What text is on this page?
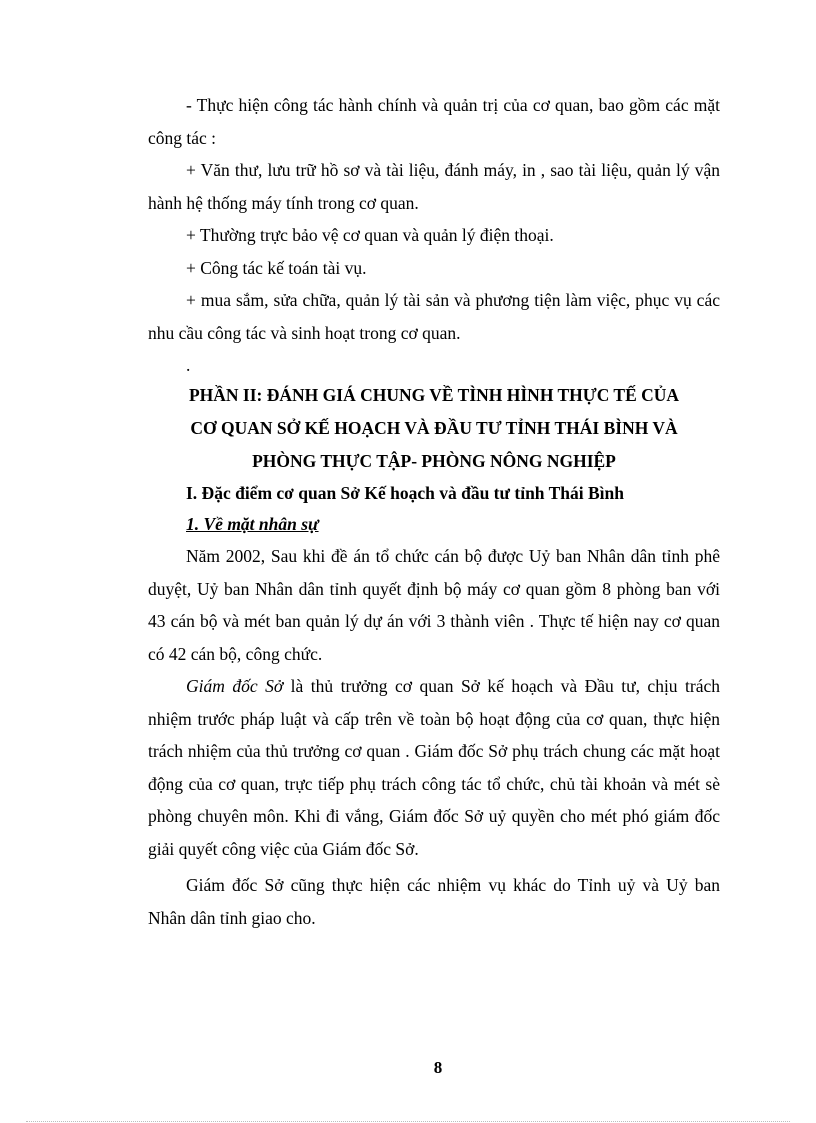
- Thực hiện công tác hành chính và quản trị của cơ quan, bao gồm các mặt công tác :

+ Văn thư, lưu trữ hồ sơ và tài liệu, đánh máy, in , sao tài liệu, quản lý vận hành hệ thống máy tính trong cơ quan.

+ Thường trực bảo vệ cơ quan và quản lý điện thoại.

+ Công tác kế toán tài vụ.

+ mua sắm, sửa chữa, quản lý tài sản và phương tiện làm việc, phục vụ các nhu cầu công tác và sinh hoạt trong cơ quan.

.

PHẦN II: ĐÁNH GIÁ CHUNG VỀ TÌNH HÌNH THỰC TẾ CỦA
CƠ QUAN SỞ KẾ HOẠCH VÀ ĐẦU TƯ TỈNH THÁI BÌNH VÀ
PHÒNG THỰC TẬP- PHÒNG NÔNG NGHIỆP

I. Đặc điểm cơ quan Sở Kế hoạch và đầu tư tỉnh Thái Bình

1. Về mặt nhân sự

Năm 2002, Sau khi đề án tổ chức cán bộ được Uỷ ban Nhân dân tỉnh phê duyệt, Uỷ ban Nhân dân tỉnh quyết định bộ máy cơ quan gồm 8 phòng ban với 43 cán bộ và mét ban quản lý dự án với 3 thành viên . Thực tế hiện nay cơ quan có 42 cán bộ, công chức.

Giám đốc Sở là thủ trưởng cơ quan Sở kế hoạch và Đầu tư, chịu trách nhiệm trước pháp luật và cấp trên về toàn bộ hoạt động của cơ quan, thực hiện trách nhiệm của thủ trưởng cơ quan . Giám đốc Sở phụ trách chung các mặt hoạt động của cơ quan, trực tiếp phụ trách công tác tổ chức, chủ tài khoản và mét sè phòng chuyên môn. Khi đi vắng, Giám đốc Sở uỷ quyền cho mét phó giám đốc giải quyết công việc của Giám đốc Sở.

Giám đốc Sở cũng thực hiện các nhiệm vụ khác do Tỉnh uỷ và Uỷ ban Nhân dân tỉnh giao cho.

8
